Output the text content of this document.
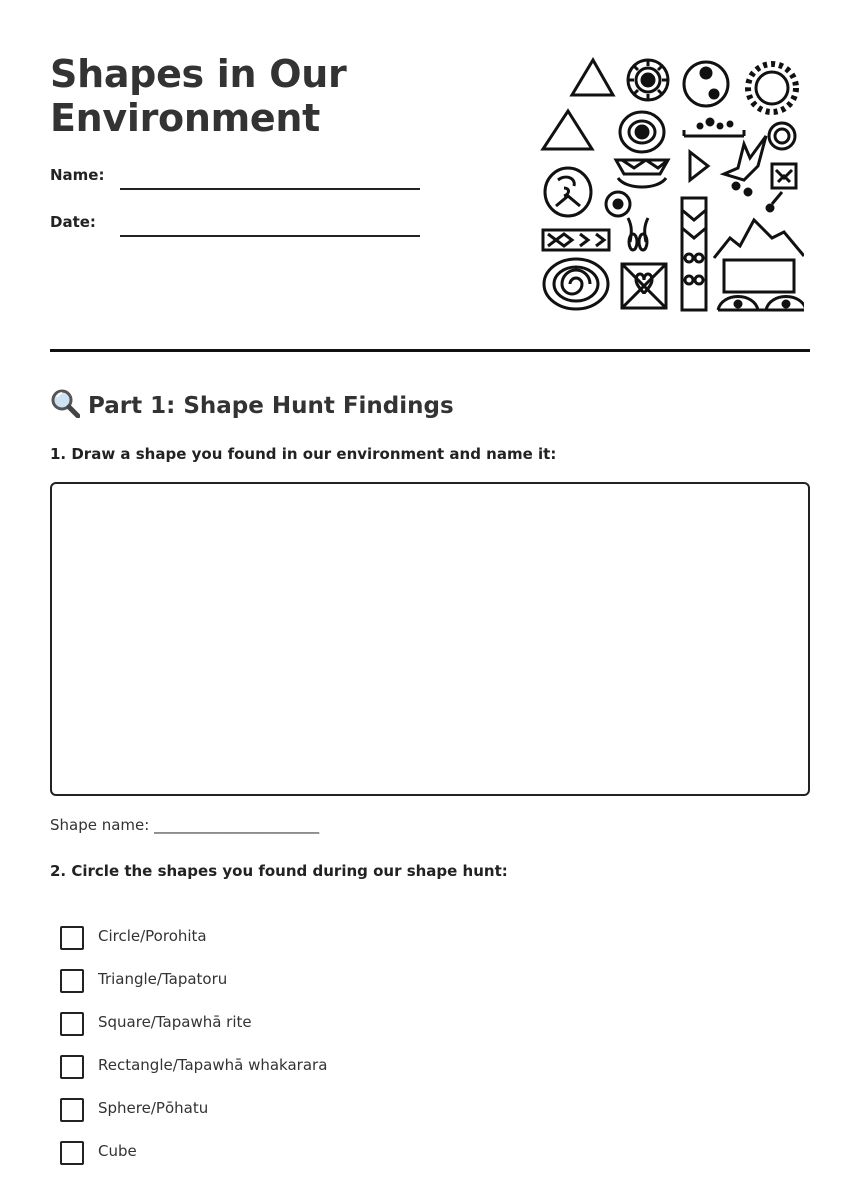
Shapes in Our
Environment
Name:
Date:
Part 1: Shape Hunt Findings

1. Draw a shape you found in our environment and name it:

Shape name: ______________________

2. Circle the shapes you found during our shape hunt:

Circle/Porohita
Triangle/Tapatoru
Square/Tapawhā rite
Rectangle/Tapawhā whakarara
Sphere/Pōhatu
Cube
